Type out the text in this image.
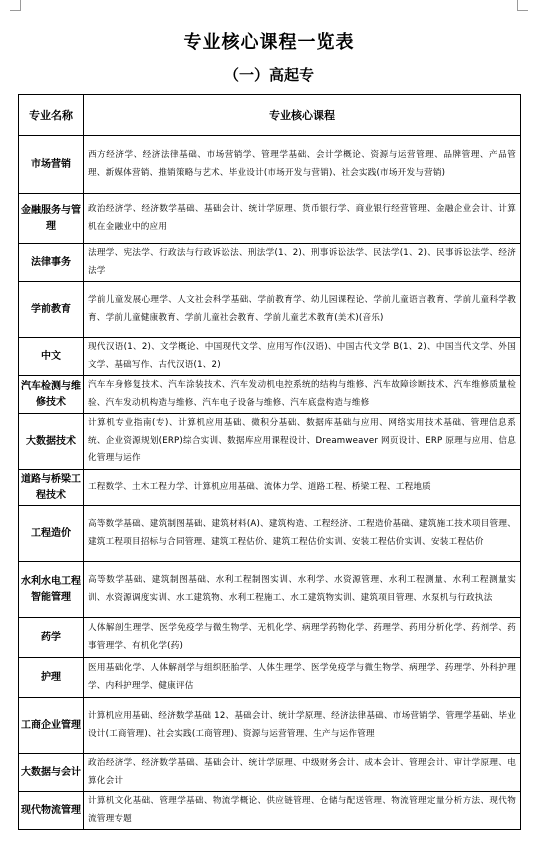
专业核心课程一览表
（一）高起专
专业名称	专业核心课程
市场营销	西方经济学、经济法律基础、市场营销学、管理学基础、会计学概论、资源与运营管理、品牌管理、产品管理、新媒体营销、推销策略与艺术、毕业设计(市场开发与营销)、社会实践(市场开发与营销)
金融服务与管理	政治经济学、经济数学基础、基础会计、统计学原理、货币银行学、商业银行经营管理、金融企业会计、计算机在金融业中的应用
法律事务	法理学、宪法学、行政法与行政诉讼法、刑法学(1、2)、刑事诉讼法学、民法学(1、2)、民事诉讼法学、经济法学
学前教育	学前儿童发展心理学、人文社会科学基础、学前教育学、幼儿园课程论、学前儿童语言教育、学前儿童科学教育、学前儿童健康教育、学前儿童社会教育、学前儿童艺术教育(美术)(音乐)
中文	现代汉语(1、2)、文学概论、中国现代文学、应用写作(汉语)、中国古代文学 B(1、2)、中国当代文学、外国文学、基础写作、古代汉语(1、2)
汽车检测与维修技术	汽车车身修复技术、汽车涂装技术、汽车发动机电控系统的结构与维修、汽车故障诊断技术、汽车维修质量检验、汽车发动机构造与维修、汽车电子设备与维修、汽车底盘构造与维修
大数据技术	计算机专业指南(专)、计算机应用基础、微积分基础、数据库基础与应用、网络实用技术基础、管理信息系统、企业资源规划(ERP)综合实训、数据库应用课程设计、Dreamweaver 网页设计、ERP 原理与应用、信息化管理与运作
道路与桥梁工程技术	工程数学、土木工程力学、计算机应用基础、流体力学、道路工程、桥梁工程、工程地质
工程造价	高等数学基础、建筑制图基础、建筑材料(A)、建筑构造、工程经济、工程造价基础、建筑施工技术项目管理、建筑工程项目招标与合同管理、建筑工程估价、建筑工程估价实训、安装工程估价实训、安装工程估价
水利水电工程智能管理	高等数学基础、建筑制图基础、水利工程制图实训、水利学、水资源管理、水利工程测量、水利工程测量实训、水资源调度实训、水工建筑物、水利工程施工、水工建筑物实训、建筑项目管理、水泵机与行政执法
药学	人体解剖生理学、医学免疫学与微生物学、无机化学、病理学药物化学、药理学、药用分析化学、药剂学、药事管理学、有机化学(药)
护理	医用基础化学、人体解剖学与组织胚胎学、人体生理学、医学免疫学与微生物学、病理学、药理学、外科护理学、内科护理学、健康评估
工商企业管理	计算机应用基础、经济数学基础 12、基础会计、统计学原理、经济法律基础、市场营销学、管理学基础、毕业设计(工商管理)、社会实践(工商管理)、资源与运营管理、生产与运作管理
大数据与会计	政治经济学、经济数学基础、基础会计、统计学原理、中级财务会计、成本会计、管理会计、审计学原理、电算化会计
现代物流管理	计算机文化基础、管理学基础、物流学概论、供应链管理、仓储与配送管理、物流管理定量分析方法、现代物流管理专题
